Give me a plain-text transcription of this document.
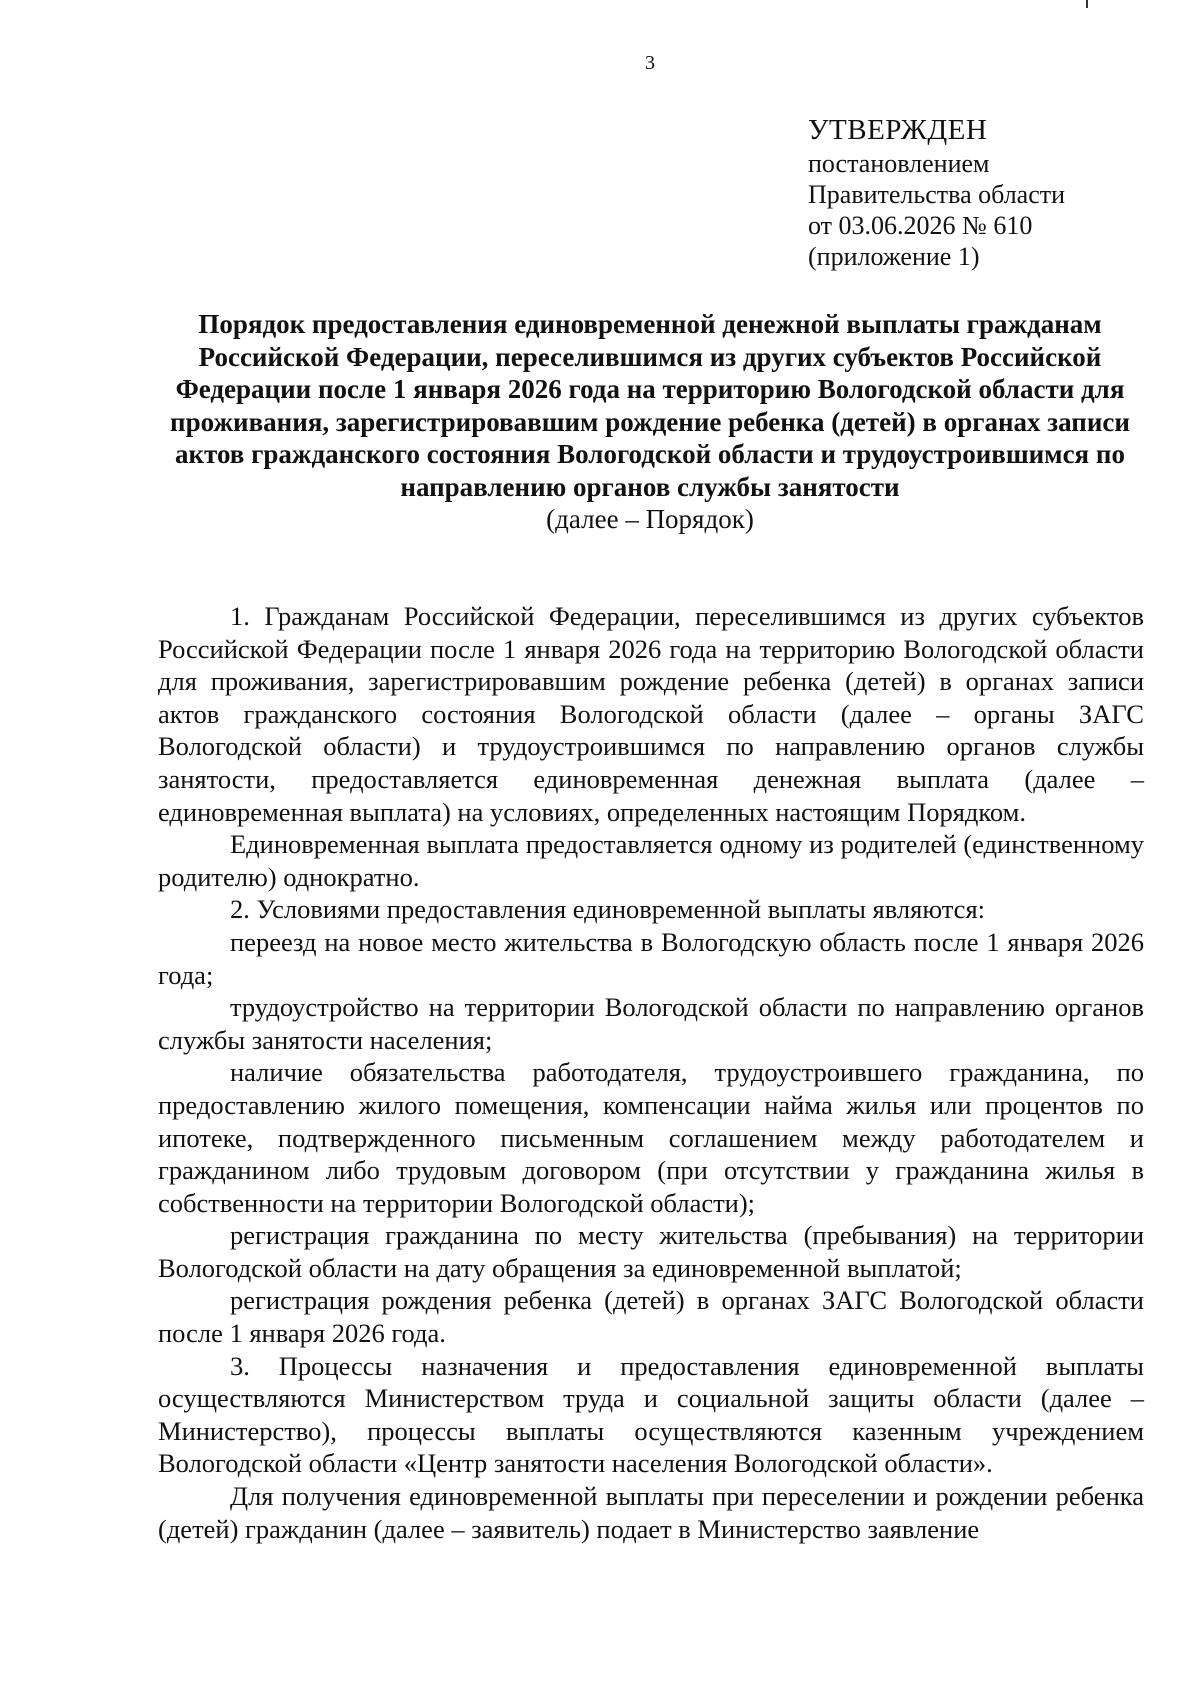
3
УТВЕРЖДЕН
постановлением
Правительства области
от 03.06.2026 № 610
(приложение 1)
Порядок предоставления единовременной денежной выплаты гражданам Российской Федерации, переселившимся из других субъектов Российской Федерации после 1 января 2026 года на территорию Вологодской области для проживания, зарегистрировавшим рождение ребенка (детей) в органах записи актов гражданского состояния Вологодской области и трудоустроившимся по направлению органов службы занятости
(далее – Порядок)

1. Гражданам Российской Федерации, переселившимся из других субъектов Российской Федерации после 1 января 2026 года на территорию Вологодской области для проживания, зарегистрировавшим рождение ребенка (детей) в органах записи актов гражданского состояния Вологодской области (далее – органы ЗАГС Вологодской области) и трудоустроившимся по направлению органов службы занятости, предоставляется единовременная денежная выплата (далее – единовременная выплата) на условиях, определенных настоящим Порядком.

Единовременная выплата предоставляется одному из родителей (единственному родителю) однократно.

2. Условиями предоставления единовременной выплаты являются:

переезд на новое место жительства в Вологодскую область после 1 января 2026 года;

трудоустройство на территории Вологодской области по направлению органов службы занятости населения;

наличие обязательства работодателя, трудоустроившего гражданина, по предоставлению жилого помещения, компенсации найма жилья или процентов по ипотеке, подтвержденного письменным соглашением между работодателем и гражданином либо трудовым договором (при отсутствии у гражданина жилья в собственности на территории Вологодской области);

регистрация гражданина по месту жительства (пребывания) на территории Вологодской области на дату обращения за единовременной выплатой;

регистрация рождения ребенка (детей) в органах ЗАГС Вологодской области после 1 января 2026 года.

3. Процессы назначения и предоставления единовременной выплаты осуществляются Министерством труда и социальной защиты области (далее – Министерство), процессы выплаты осуществляются казенным учреждением Вологодской области «Центр занятости населения Вологодской области».

Для получения единовременной выплаты при переселении и рождении ребенка (детей) гражданин (далее – заявитель) подает в Министерство заявление
